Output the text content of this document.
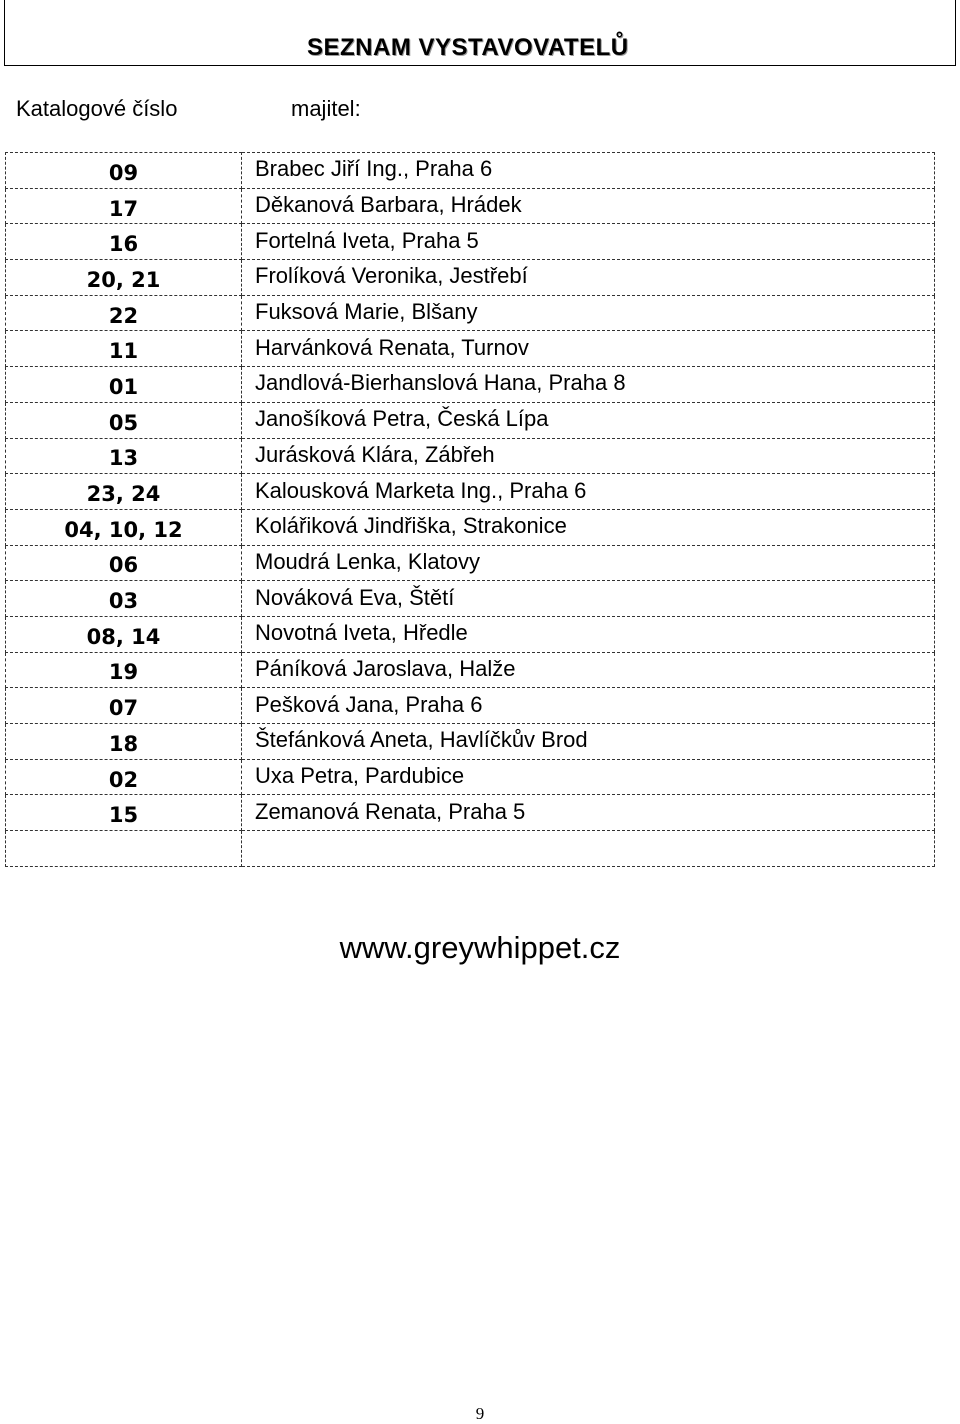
SEZNAM VYSTAVOVATELŮ
Katalogové číslo	majitel:
09	Brabec Jiří Ing., Praha 6
17	Děkanová Barbara, Hrádek
16	Fortelná Iveta, Praha 5
20, 21	Frolíková Veronika, Jestřebí
22	Fuksová Marie, Blšany
11	Harvánková Renata, Turnov
01	Jandlová-Bierhanslová Hana, Praha 8
05	Janošíková Petra, Česká Lípa
13	Jurásková Klára, Zábřeh
23, 24	Kalousková Marketa Ing., Praha 6
04, 10, 12	Kolářiková Jindřiška, Strakonice
06	Moudrá Lenka, Klatovy
03	Nováková Eva, Štětí
08, 14	Novotná Iveta, Hředle
19	Páníková Jaroslava, Halže
07	Pešková Jana, Praha 6
18	Štefánková Aneta, Havlíčkův Brod
02	Uxa Petra, Pardubice
15	Zemanová Renata, Praha 5

www.greywhippet.cz
9
